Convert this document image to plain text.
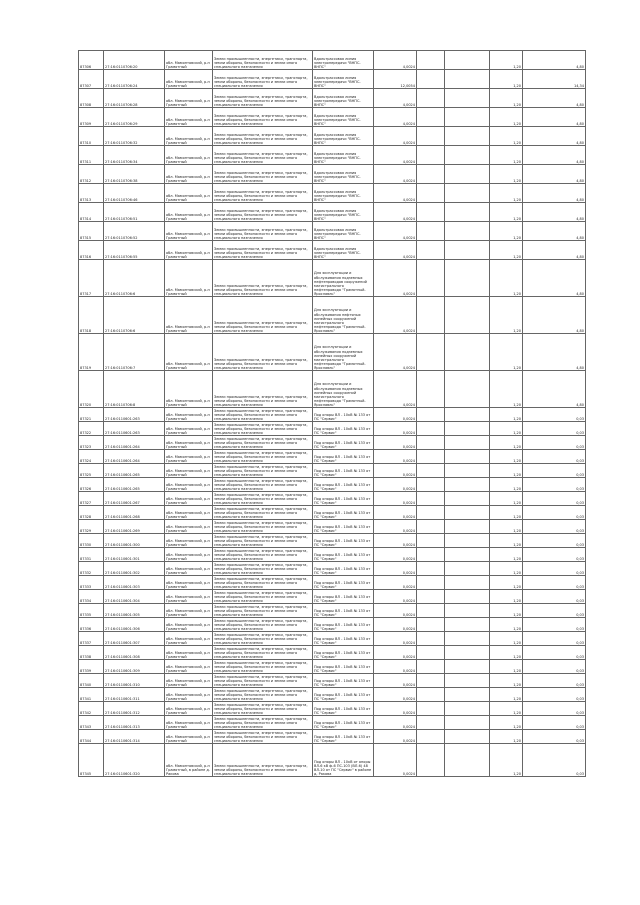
87306	27:16:0110706:20	обл. Мамонтовский, р-н Грамотный	Земли промышленности, энергетики, транспорта, земли обороны, безопасности и земли иного специального назначения	Вдольтрассовая линия электропередачи "ВНПС-ВНПС"	4,0024			1,20	4,80

87307	27:16:0110706:24	обл. Мамонтовский, р-н Грамотный	Земли промышленности, энергетики, транспорта, земли обороны, безопасности и земли иного специального назначения	Вдольтрассовая линия электропередачи "ВНПС-ВНПС"	12,0054			1,20	14,34

87308	27:16:0110706:28	обл. Мамонтовский, р-н Грамотный	Земли промышленности, энергетики, транспорта, земли обороны, безопасности и земли иного специального назначения	Вдольтрассовая линия электропередачи "ВНПС-ВНПС"	4,0024			1,20	4,80

87309	27:16:0110706:29	обл. Мамонтовский, р-н Грамотный	Земли промышленности, энергетики, транспорта, земли обороны, безопасности и земли иного специального назначения	Вдольтрассовая линия электропередачи "ВНПС-ВНПС"	4,0024			1,20	4,80

87310	27:16:0110706:32	обл. Мамонтовский, р-н Грамотный	Земли промышленности, энергетики, транспорта, земли обороны, безопасности и земли иного специального назначения	Вдольтрассовая линия электропередачи "ВНПС-ВНПС"	4,0024			1,20	4,80

87311	27:16:0110706:34	обл. Мамонтовский, р-н Грамотный	Земли промышленности, энергетики, транспорта, земли обороны, безопасности и земли иного специального назначения	Вдольтрассовая линия электропередачи "ВНПС-ВНПС"	4,0024			1,20	4,80

87312	27:16:0110706:38	обл. Мамонтовский, р-н Грамотный	Земли промышленности, энергетики, транспорта, земли обороны, безопасности и земли иного специального назначения	Вдольтрассовая линия электропередачи "ВНПС-ВНПС"	4,0024			1,20	4,80

87313	27:16:0110706:46	обл. Мамонтовский, р-н Грамотный	Земли промышленности, энергетики, транспорта, земли обороны, безопасности и земли иного специального назначения	Вдольтрассовая линия электропередачи "ВНПС-ВНПС"	4,0024			1,20	4,80

87314	27:16:0110706:51	обл. Мамонтовский, р-н Грамотный	Земли промышленности, энергетики, транспорта, земли обороны, безопасности и земли иного специального назначения	Вдольтрассовая линия электропередачи "ВНПС-ВНПС"	4,0024			1,20	4,80

87315	27:16:0110706:52	обл. Мамонтовский, р-н Грамотный	Земли промышленности, энергетики, транспорта, земли обороны, безопасности и земли иного специального назначения	Вдольтрассовая линия электропередачи "ВНПС-ВНПС"	4,0024			1,20	4,80

87316	27:16:0110706:55	обл. Мамонтовский, р-н Грамотный	Земли промышленности, энергетики, транспорта, земли обороны, безопасности и земли иного специального назначения	Вдольтрассовая линия электропередачи "ВНПС-ВНПС"	4,0024			1,20	4,80

87317	27:16:0110706:6	обл. Мамонтовский, р-н Грамотный	Земли промышленности, энергетики, транспорта, земли обороны, безопасности и земли иного специального назначения	Для эксплуатации и обслуживания подземных нефтепроводов сооружений магистрального нефтепровода "Грамотный-Ярославль"	4,0024			1,20	4,80

87318	27:16:0110706:6	обл. Мамонтовский, р-н Грамотный	Земли промышленности, энергетики, транспорта, земли обороны, безопасности и земли иного специального назначения	Для эксплуатации и обслуживания нефтяных линейных сооружений магистрального нефтепровода "Грамотный-Ярославль"	4,0024			1,20	4,80

87319	27:16:0110706:7	обл. Мамонтовский, р-н Грамотный	Земли промышленности, энергетики, транспорта, земли обороны, безопасности и земли иного специального назначения	Для эксплуатации и обслуживания подземных линейных сооружений магистрального нефтепровода "Грамотный-Ярославль"	4,0024			1,20	4,80

87320	27:16:0110706:8	обл. Мамонтовский, р-н Грамотный	Земли промышленности, энергетики, транспорта, земли обороны, безопасности и земли иного специального назначения	Для эксплуатации и обслуживания подземных линейных сооружений магистрального нефтепровода "Грамотный-Ярославль"	4,0024			1,20	4,80

87321	27:16:0110601:263	обл. Мамонтовский, р-н Грамотный	Земли промышленности, энергетики, транспорта, земли обороны, безопасности и земли иного специального назначения	Под опоры ВЛ - 10кВ № 133 от ПС "Сервис"	0,0024			1,20	0,03

87322	27:16:0110601:263	обл. Мамонтовский, р-н Грамотный	Земли промышленности, энергетики, транспорта, земли обороны, безопасности и земли иного специального назначения	Под опоры ВЛ - 10кВ № 133 от ПС "Сервис"	0,0024			1,20	0,03

87323	27:16:0110601:264	обл. Мамонтовский, р-н Грамотный	Земли промышленности, энергетики, транспорта, земли обороны, безопасности и земли иного специального назначения	Под опоры ВЛ - 10кВ № 133 от ПС "Сервис"	0,0024			1,20	0,03

87324	27:16:0110601:264	обл. Мамонтовский, р-н Грамотный	Земли промышленности, энергетики, транспорта, земли обороны, безопасности и земли иного специального назначения	Под опоры ВЛ - 10кВ № 133 от ПС "Сервис"	0,0024			1,20	0,03

87325	27:16:0110601:265	обл. Мамонтовский, р-н Грамотный	Земли промышленности, энергетики, транспорта, земли обороны, безопасности и земли иного специального назначения	Под опоры ВЛ - 10кВ № 133 от ПС "Сервис"	0,0024			1,20	0,03

87326	27:16:0110601:265	обл. Мамонтовский, р-н Грамотный	Земли промышленности, энергетики, транспорта, земли обороны, безопасности и земли иного специального назначения	Под опоры ВЛ - 10кВ № 133 от ПС "Сервис"	0,0024			1,20	0,03

87327	27:16:0110601:267	обл. Мамонтовский, р-н Грамотный	Земли промышленности, энергетики, транспорта, земли обороны, безопасности и земли иного специального назначения	Под опоры ВЛ - 10кВ № 133 от ПС "Сервис"	0,0024			1,20	0,03

87328	27:16:0110601:268	обл. Мамонтовский, р-н Грамотный	Земли промышленности, энергетики, транспорта, земли обороны, безопасности и земли иного специального назначения	Под опоры ВЛ - 10кВ № 133 от ПС "Сервис"	0,0024			1,20	0,03

87329	27:16:0110601:269	обл. Мамонтовский, р-н Грамотный	Земли промышленности, энергетики, транспорта, земли обороны, безопасности и земли иного специального назначения	Под опоры ВЛ - 10кВ № 133 от ПС "Сервис"	0,0024			1,20	0,03

87330	27:16:0110601:300	обл. Мамонтовский, р-н Грамотный	Земли промышленности, энергетики, транспорта, земли обороны, безопасности и земли иного специального назначения	Под опоры ВЛ - 10кВ № 133 от ПС "Сервис"	0,0024			1,20	0,03

87331	27:16:0110601:301	обл. Мамонтовский, р-н Грамотный	Земли промышленности, энергетики, транспорта, земли обороны, безопасности и земли иного специального назначения	Под опоры ВЛ - 10кВ № 133 от ПС "Сервис"	0,0024			1,20	0,03

87332	27:16:0110601:302	обл. Мамонтовский, р-н Грамотный	Земли промышленности, энергетики, транспорта, земли обороны, безопасности и земли иного специального назначения	Под опоры ВЛ - 10кВ № 133 от ПС "Сервис"	0,0024			1,20	0,03

87333	27:16:0110601:303	обл. Мамонтовский, р-н Грамотный	Земли промышленности, энергетики, транспорта, земли обороны, безопасности и земли иного специального назначения	Под опоры ВЛ - 10кВ № 133 от ПС "Сервис"	0,0024			1,20	0,03

87334	27:16:0110601:304	обл. Мамонтовский, р-н Грамотный	Земли промышленности, энергетики, транспорта, земли обороны, безопасности и земли иного специального назначения	Под опоры ВЛ - 10кВ № 133 от ПС "Сервис"	0,0024			1,20	0,03

87335	27:16:0110601:305	обл. Мамонтовский, р-н Грамотный	Земли промышленности, энергетики, транспорта, земли обороны, безопасности и земли иного специального назначения	Под опоры ВЛ - 10кВ № 133 от ПС "Сервис"	0,0024			1,20	0,03

87336	27:16:0110601:306	обл. Мамонтовский, р-н Грамотный	Земли промышленности, энергетики, транспорта, земли обороны, безопасности и земли иного специального назначения	Под опоры ВЛ - 10кВ № 133 от ПС "Сервис"	0,0024			1,20	0,03

87337	27:16:0110601:307	обл. Мамонтовский, р-н Грамотный	Земли промышленности, энергетики, транспорта, земли обороны, безопасности и земли иного специального назначения	Под опоры ВЛ - 10кВ № 133 от ПС "Сервис"	0,0024			1,20	0,03

87338	27:16:0110601:308	обл. Мамонтовский, р-н Грамотный	Земли промышленности, энергетики, транспорта, земли обороны, безопасности и земли иного специального назначения	Под опоры ВЛ - 10кВ № 133 от ПС "Сервис"	0,0024			1,20	0,03

87339	27:16:0110601:309	обл. Мамонтовский, р-н Грамотный	Земли промышленности, энергетики, транспорта, земли обороны, безопасности и земли иного специального назначения	Под опоры ВЛ - 10кВ № 133 от ПС "Сервис"	0,0024			1,20	0,03

87340	27:16:0110601:310	обл. Мамонтовский, р-н Грамотный	Земли промышленности, энергетики, транспорта, земли обороны, безопасности и земли иного специального назначения	Под опоры ВЛ - 10кВ № 133 от ПС "Сервис"	0,0024			1,20	0,03

87341	27:16:0110601:311	обл. Мамонтовский, р-н Грамотный	Земли промышленности, энергетики, транспорта, земли обороны, безопасности и земли иного специального назначения	Под опоры ВЛ - 10кВ № 133 от ПС "Сервис"	0,0024			1,20	0,03

87342	27:16:0110601:312	обл. Мамонтовский, р-н Грамотный	Земли промышленности, энергетики, транспорта, земли обороны, безопасности и земли иного специального назначения	Под опоры ВЛ - 10кВ № 133 от ПС "Сервис"	0,0024			1,20	0,03

87343	27:16:0110601:313	обл. Мамонтовский, р-н Грамотный	Земли промышленности, энергетики, транспорта, земли обороны, безопасности и земли иного специального назначения	Под опоры ВЛ - 10кВ № 133 от ПС "Сервис"	0,0024			1,20	0,03

87344	27:16:0110601:314	обл. Мамонтовский, р-н Грамотный	Земли промышленности, энергетики, транспорта, земли обороны, безопасности и земли иного специального назначения	Под опоры ВЛ - 10кВ № 133 от ПС "Сервис"	0,0024			1,20	0,03

87345	27:16:0110601:320	обл. Мамонтовский, р-н Грамотный, в районе д. Ракова	Земли промышленности, энергетики, транспорта, земли обороны, безопасности и земли иного специального назначения	Под опоры ВЛ - 10кВ от опоры ВЛ-6 кВ ф-6 ПС-103 (ВЛ-6) 48 ВЛ-10 от ПС "Сервис" в районе д. Ракова	0,0024			1,20	0,03
